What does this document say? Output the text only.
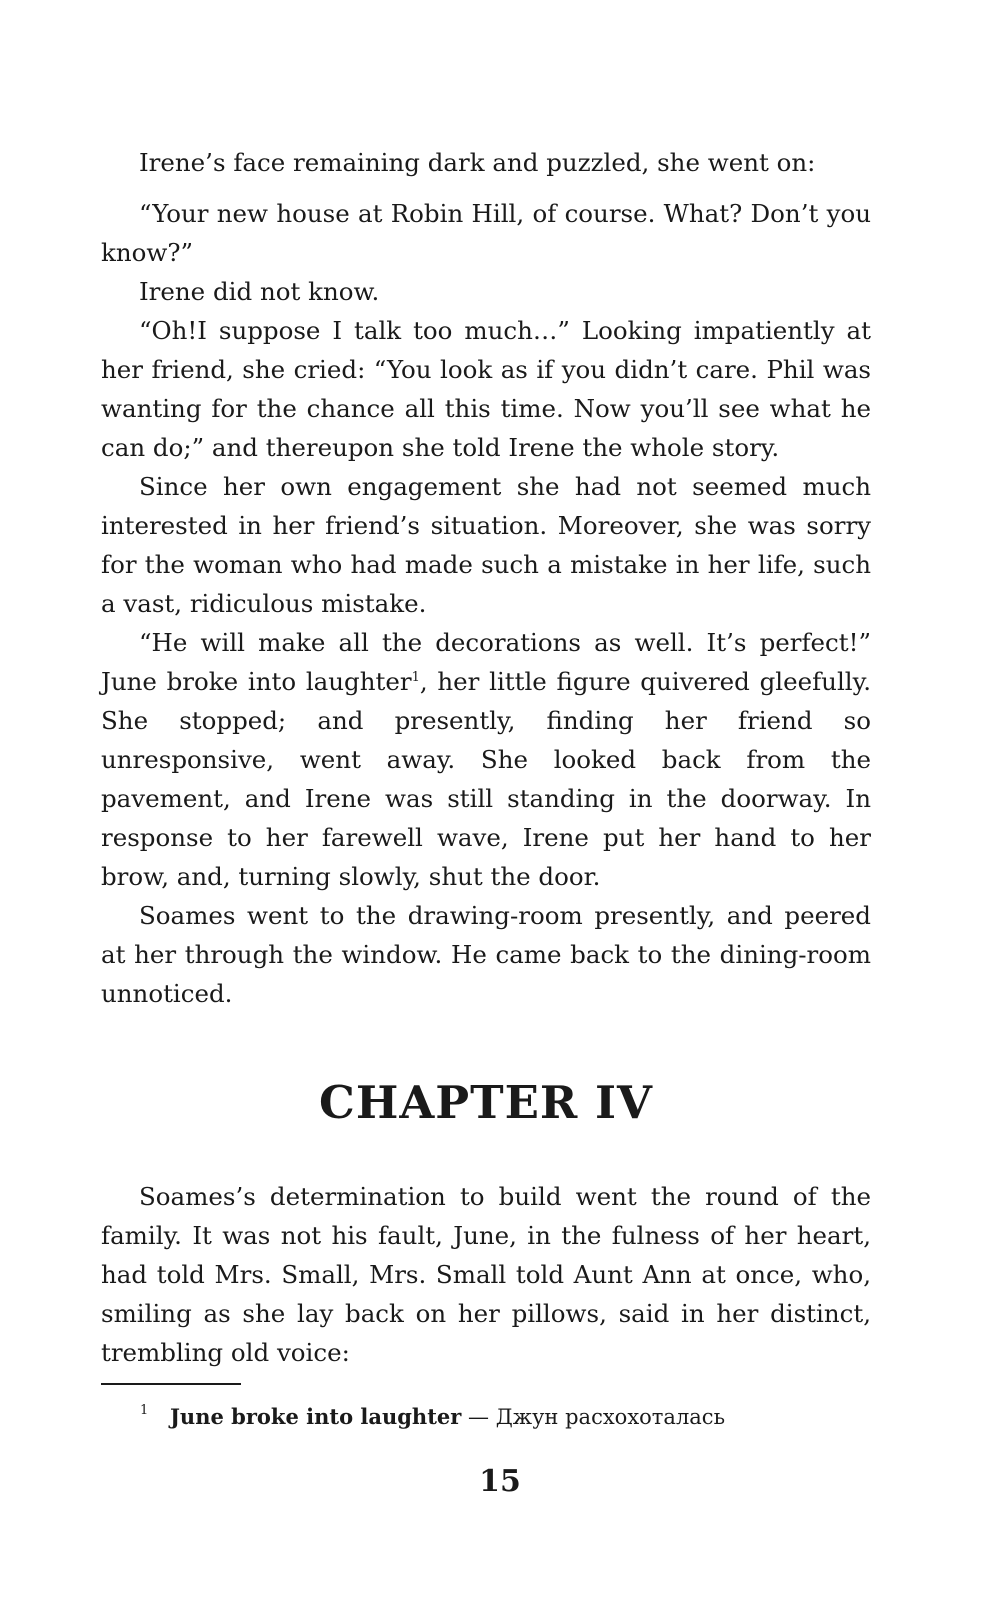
Irene’s face remaining dark and puzzled, she went on:

“Your new house at Robin Hill, of course. What? Don’t you know?”

Irene did not know.

“Oh!I suppose I talk too much…” Looking impatiently at her friend, she cried: “You look as if you didn’t care. Phil was wanting for the chance all this time. Now you’ll see what he can do;” and thereupon she told Irene the whole story.

Since her own engagement she had not seemed much interested in her friend’s situation. Moreover, she was sorry for the woman who had made such a mistake in her life, such a vast, ridiculous mistake.

“He will make all the decorations as well. It’s perfect!” June broke into laughter$^1$, her little figure quivered gleefully. She stopped; and presently, finding her friend so unresponsive, went away. She looked back from the pavement, and Irene was still standing in the doorway. In response to her farewell wave, Irene put her hand to her brow, and, turning slowly, shut the door.

Soames went to the drawing-room presently, and peered at her through the window. He came back to the dining-room unnoticed.

CHAPTER IV

Soames’s determination to build went the round of the family. It was not his fault, June, in the fulness of her heart, had told Mrs. Small, Mrs. Small told Aunt Ann at once, who, smiling as she lay back on her pillows, said in her distinct, trembling old voice:

1 June broke into laughter — Джун расхохоталась
15
